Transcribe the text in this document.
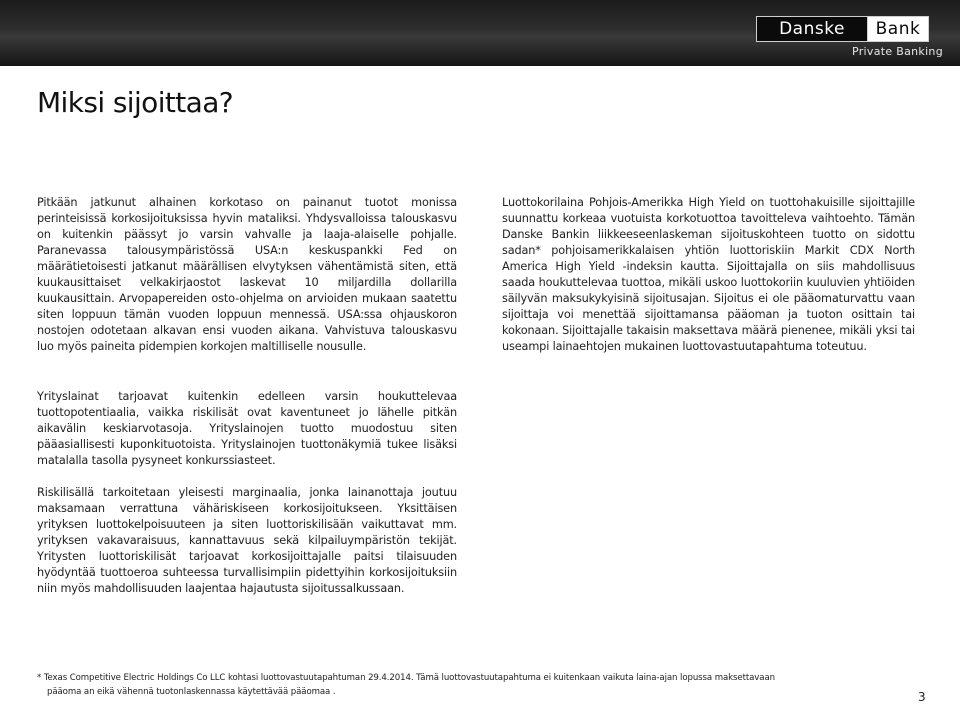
Danske	Bank
Private Banking
Miksi sijoittaa?

Pitkään jatkunut alhainen korkotaso on painanut tuotot monissa perinteisissä korkosijoituksissa hyvin mataliksi. Yhdysvalloissa talouskasvu on kuitenkin päässyt jo varsin vahvalle ja laaja-alaiselle pohjalle. Paranevassa talousympäristössä USA:n keskuspankki Fed on määrätietoisesti jatkanut määrällisen elvytyksen vähentämistä siten, että kuukausittaiset velkakirjaostot laskevat 10 miljardilla dollarilla kuukausittain. Arvopapereiden osto-ohjelma on arvioiden mukaan saatettu siten loppuun tämän vuoden loppuun mennessä. USA:ssa ohjauskoron nostojen odotetaan alkavan ensi vuoden aikana. Vahvistuva talouskasvu luo myös paineita pidempien korkojen maltilliselle nousulle.

Yrityslainat tarjoavat kuitenkin edelleen varsin houkuttelevaa tuottopotentiaalia, vaikka riskilisät ovat kaventuneet jo lähelle pitkän aikavälin keskiarvotasoja. Yrityslainojen tuotto muodostuu siten pääasiallisesti kuponkituotoista. Yrityslainojen tuottonäkymiä tukee lisäksi matalalla tasolla pysyneet konkurssiasteet.

Riskilisällä tarkoitetaan yleisesti marginaalia, jonka lainanottaja joutuu maksamaan verrattuna vähäriskiseen korkosijoitukseen. Yksittäisen yrityksen luottokelpoisuuteen ja siten luottoriskilisään vaikuttavat mm. yrityksen vakavaraisuus, kannattavuus sekä kilpailuympäristön tekijät. Yritysten luottoriskilisät tarjoavat korkosijoittajalle paitsi tilaisuuden hyödyntää tuottoeroa suhteessa turvallisimpiin pidettyihin korkosijoituksiin niin myös mahdollisuuden laajentaa hajautusta sijoitussalkussaan.

Luottokorilaina Pohjois-Amerikka High Yield on tuottohakuisille sijoittajille suunnattu korkeaa vuotuista korkotuottoa tavoitteleva vaihtoehto. Tämän Danske Bankin liikkeeseenlaskeman sijoituskohteen tuotto on sidottu sadan* pohjoisamerikkalaisen yhtiön luottoriskiin Markit CDX North America High Yield -indeksin kautta. Sijoittajalla on siis mahdollisuus saada houkuttelevaa tuottoa, mikäli uskoo luottokoriin kuuluvien yhtiöiden säilyvän maksukykyisinä sijoitusajan. Sijoitus ei ole pääomaturvattu vaan sijoittaja voi menettää sijoittamansa pääoman ja tuoton osittain tai kokonaan. Sijoittajalle takaisin maksettava määrä pienenee, mikäli yksi tai useampi lainaehtojen mukainen luottovastuutapahtuma toteutuu.

* Texas Competitive Electric Holdings Co LLC kohtasi luottovastuutapahtuman 29.4.2014. Tämä luottovastuutapahtuma ei kuitenkaan vaikuta laina-ajan lopussa maksettavaan
pääoma an eikä vähennä tuotonlaskennassa käytettävää pääomaa .	3
